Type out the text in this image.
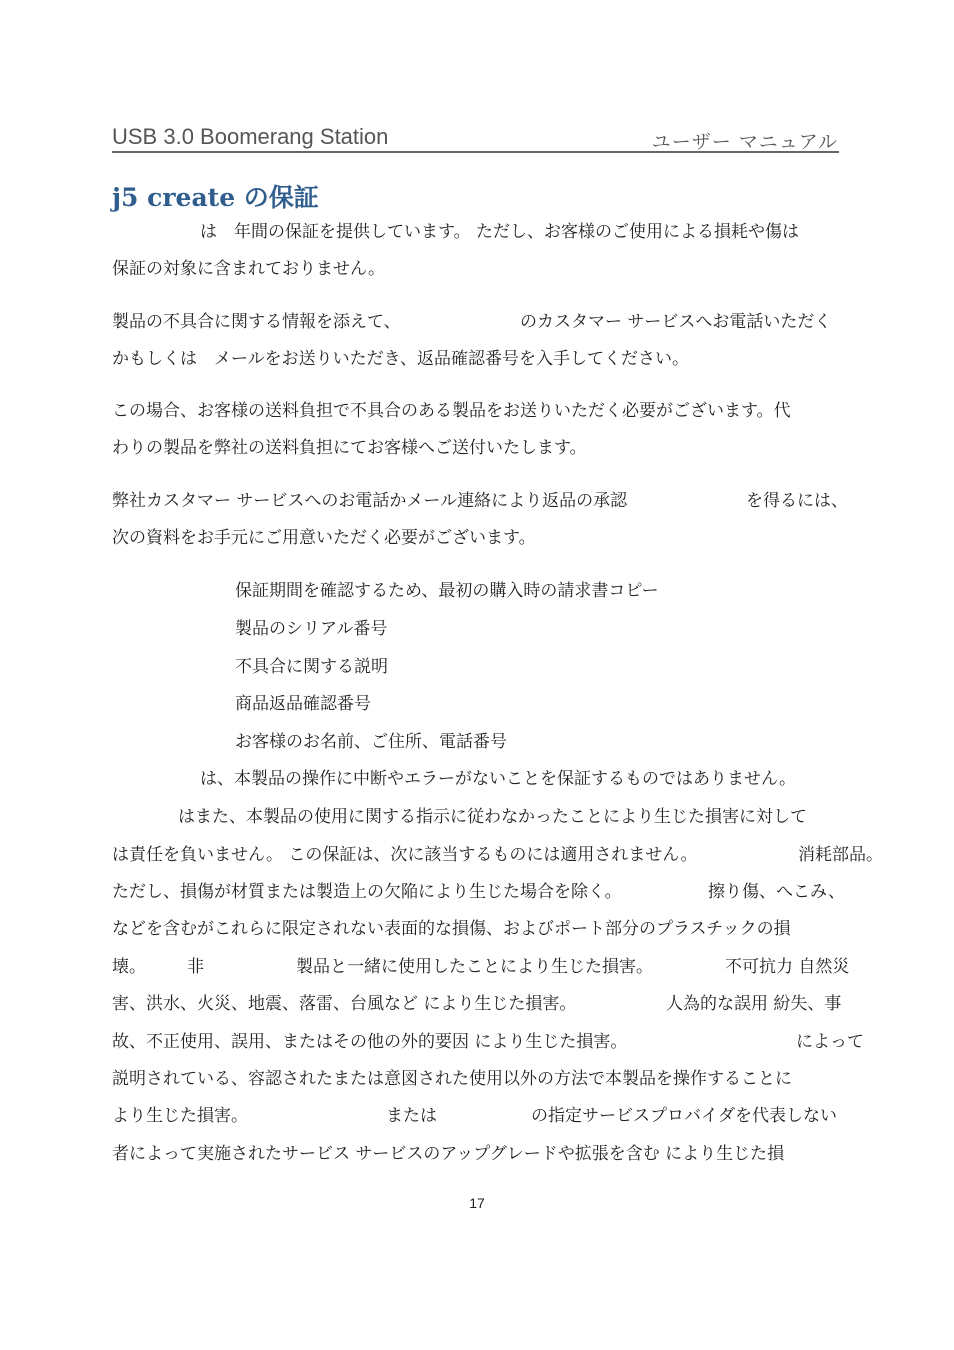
USB 3.0 Boomerang Station	ユーザー マニュアル
j5 create の保証
は　年間の保証を提供しています。 ただし、お客様のご使用による損耗や傷は
保証の対象に含まれておりません。
製品の不具合に関する情報を添えて、	のカスタマー サービスへお電話いただく
かもしくは　メールをお送りいただき、返品確認番号を入手してください。
この場合、お客様の送料負担で不具合のある製品をお送りいただく必要がございます。代
わりの製品を弊社の送料負担にてお客様へご送付いたします。
弊社カスタマー サービスへのお電話かメール連絡により返品の承認	を得るには、
次の資料をお手元にご用意いただく必要がございます。
保証期間を確認するため、最初の購入時の請求書コピー
製品のシリアル番号
不具合に関する説明
商品返品確認番号
お客様のお名前、ご住所、電話番号
は、本製品の操作に中断やエラーがないことを保証するものではありません。
はまた、本製品の使用に関する指示に従わなかったことにより生じた損害に対して
は責任を負いません。 この保証は、次に該当するものには適用されません。	消耗部品。
ただし、損傷が材質または製造上の欠陥により生じた場合を除く。	擦り傷、へこみ、
などを含むがこれらに限定されない表面的な損傷、およびポート部分のプラスチックの損
壊。 非	製品と一緒に使用したことにより生じた損害。	不可抗力 自然災
害、洪水、火災、地震、落雷、台風など により生じた損害。	人為的な誤用 紛失、事
故、不正使用、誤用、またはその他の外的要因 により生じた損害。	によって
説明されている、容認されたまたは意図された使用以外の方法で本製品を操作することに
より生じた損害。	または	の指定サービスプロバイダを代表しない
者によって実施されたサービス サービスのアップグレードや拡張を含む により生じた損
17
